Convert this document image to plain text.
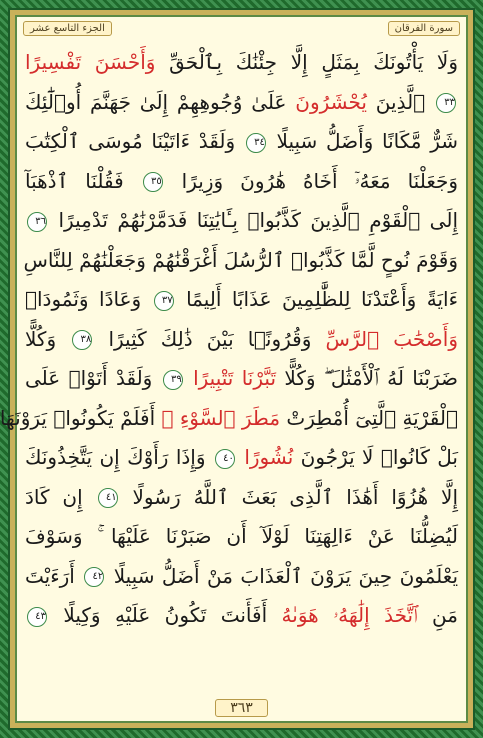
الجزء التاسع عشر	سورة الفرقان
وَلَا يَأْتُونَكَ بِمَثَلٍ إِلَّا جِئْنَٰكَ بِٱلْحَقِّ وَأَحْسَنَ تَفْسِيرًا
٣٣ ٱلَّذِينَ يُحْشَرُونَ عَلَىٰ وُجُوهِهِمْ إِلَىٰ جَهَنَّمَ أُو۟لَٰٓئِكَ
شَرٌّ مَّكَانًا وَأَضَلُّ سَبِيلًا ٣٤ وَلَقَدْ ءَاتَيْنَا مُوسَى ٱلْكِتَٰبَ
وَجَعَلْنَا مَعَهُۥٓ أَخَاهُ هَٰرُونَ وَزِيرًا ٣٥ فَقُلْنَا ٱذْهَبَآ
إِلَى ٱلْقَوْمِ ٱلَّذِينَ كَذَّبُوا۟ بِـَٔايَٰتِنَا فَدَمَّرْنَٰهُمْ تَدْمِيرًا ٣٦
وَقَوْمَ نُوحٍ لَّمَّا كَذَّبُوا۟ ٱلرُّسُلَ أَغْرَقْنَٰهُمْ وَجَعَلْنَٰهُمْ لِلنَّاسِ
ءَايَةً وَأَعْتَدْنَا لِلظَّٰلِمِينَ عَذَابًا أَلِيمًا ٣٧ وَعَادًا وَثَمُودَا۟
وَأَصْحَٰبَ ٱلرَّسِّ وَقُرُونًۢا بَيْنَ ذَٰلِكَ كَثِيرًا ٣٨ وَكُلًّا
ضَرَبْنَا لَهُ ٱلْأَمْثَٰلَ ۖ وَكُلًّا تَبَّرْنَا تَتْبِيرًا ٣٩ وَلَقَدْ أَتَوْا۟ عَلَى
ٱلْقَرْيَةِ ٱلَّتِىٓ أُمْطِرَتْ مَطَرَ ٱلسَّوْءِ ۚ أَفَلَمْ يَكُونُوا۟ يَرَوْنَهَا
بَلْ كَانُوا۟ لَا يَرْجُونَ نُشُورًا ٤٠ وَإِذَا رَأَوْكَ إِن يَتَّخِذُونَكَ
إِلَّا هُزُوًا أَهَٰذَا ٱلَّذِى بَعَثَ ٱللَّهُ رَسُولًا ٤١ إِن كَادَ
لَيُضِلُّنَا عَنْ ءَالِهَتِنَا لَوْلَآ أَن صَبَرْنَا عَلَيْهَا ۚ وَسَوْفَ
يَعْلَمُونَ حِينَ يَرَوْنَ ٱلْعَذَابَ مَنْ أَضَلُّ سَبِيلًا ٤٢ أَرَءَيْتَ
مَنِ ٱتَّخَذَ إِلَٰهَهُۥ هَوَىٰهُ أَفَأَنتَ تَكُونُ عَلَيْهِ وَكِيلًا ٤٣
٣٦٣
